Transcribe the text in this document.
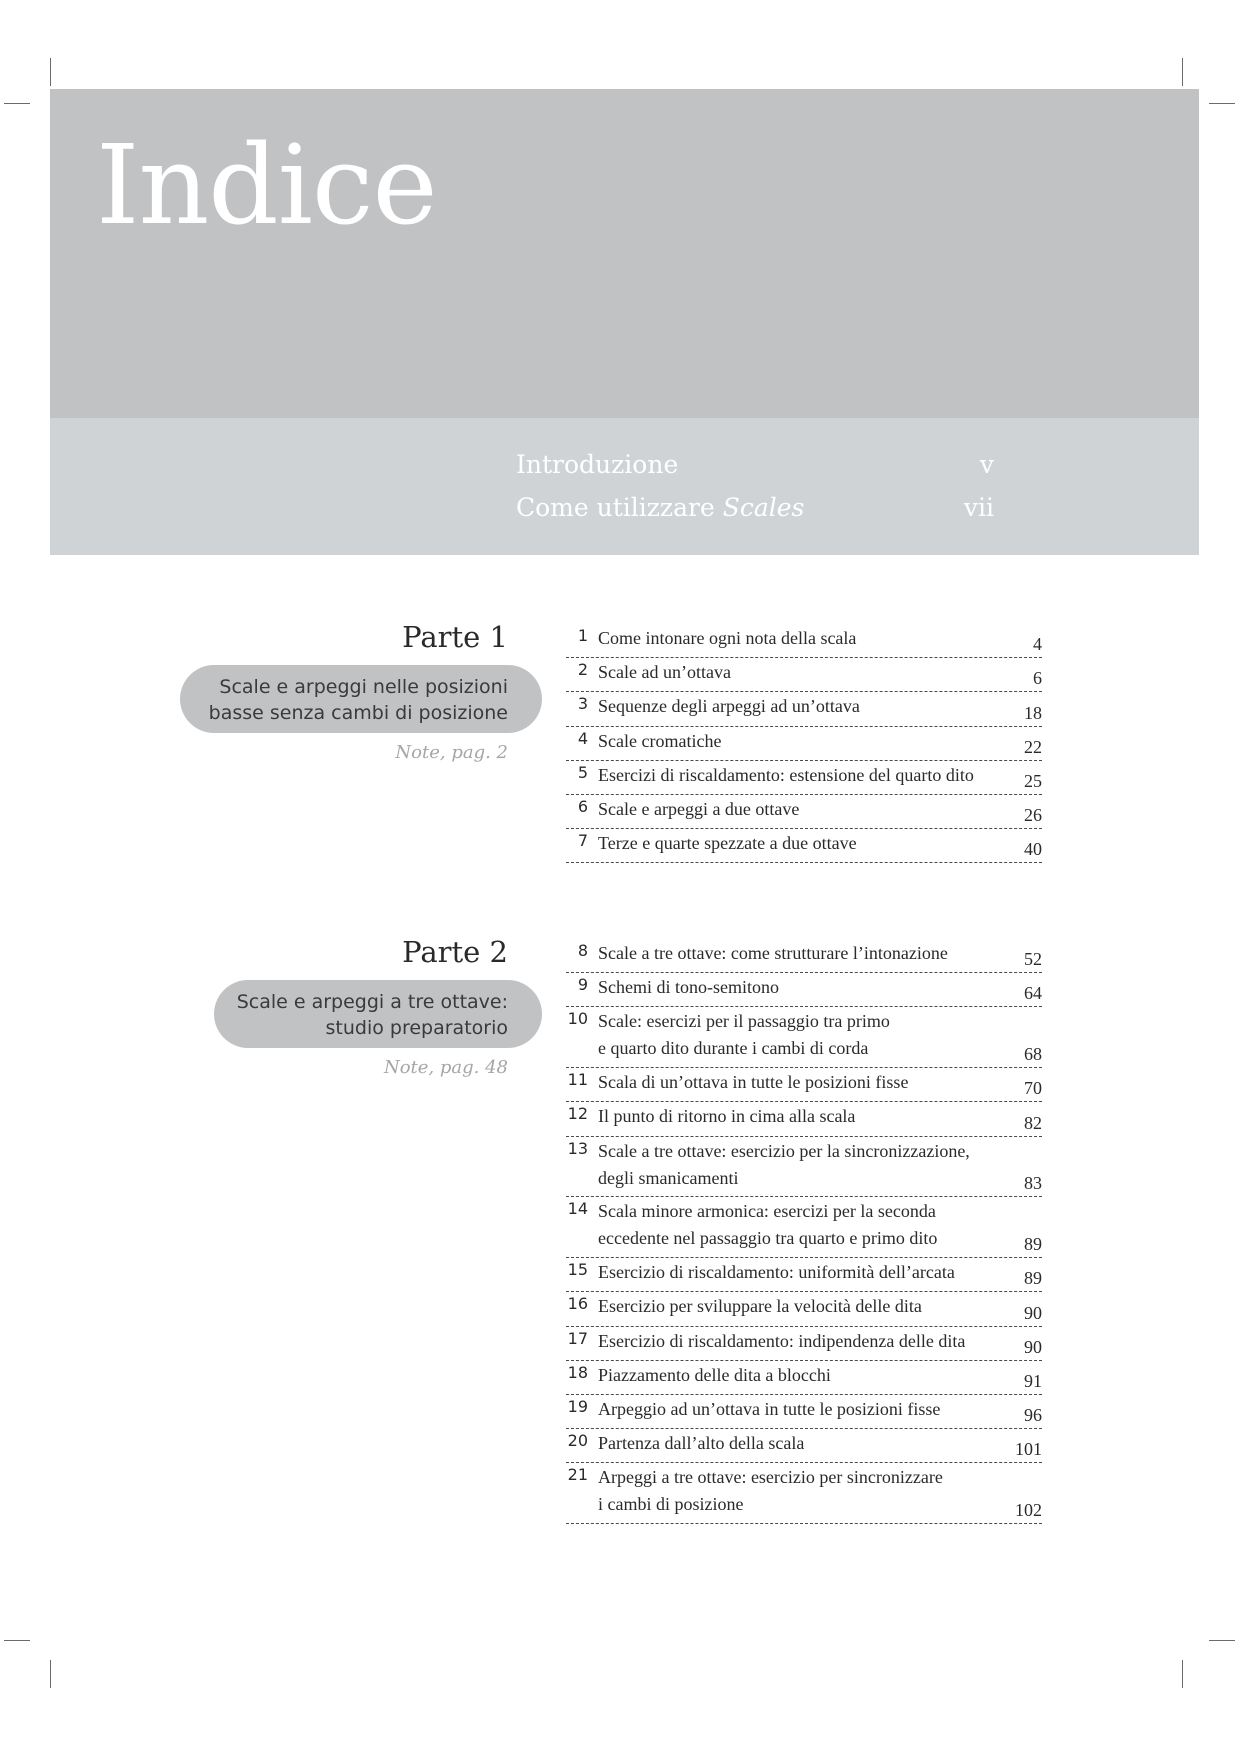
Indice
Introduzione	v
Come utilizzare Scales	vii
Parte 1
Scale e arpeggi nelle posizioni
basse senza cambi di posizione
Note, pag. 2
1 Come intonare ogni nota della scala	4
2 Scale ad un’ottava	6
3 Sequenze degli arpeggi ad un’ottava	18
4 Scale cromatiche	22
5 Esercizi di riscaldamento: estensione del quarto dito	25
6 Scale e arpeggi a due ottave	26
7 Terze e quarte spezzate a due ottave	40
Parte 2
Scale e arpeggi a tre ottave:
studio preparatorio
Note, pag. 48
8 Scale a tre ottave: come strutturare l’intonazione	52
9 Schemi di tono-semitono	64
10 Scale: esercizi per il passaggio tra primo
e quarto dito durante i cambi di corda	68
11 Scala di un’ottava in tutte le posizioni fisse	70
12 Il punto di ritorno in cima alla scala	82
13 Scale a tre ottave: esercizio per la sincronizzazione,
degli smanicamenti	83
14 Scala minore armonica: esercizi per la seconda
eccedente nel passaggio tra quarto e primo dito	89
15 Esercizio di riscaldamento: uniformità dell’arcata	89
16 Esercizio per sviluppare la velocità delle dita	90
17 Esercizio di riscaldamento: indipendenza delle dita	90
18 Piazzamento delle dita a blocchi	91
19 Arpeggio ad un’ottava in tutte le posizioni fisse	96
20 Partenza dall’alto della scala	101
21 Arpeggi a tre ottave: esercizio per sincronizzare
i cambi di posizione	102
